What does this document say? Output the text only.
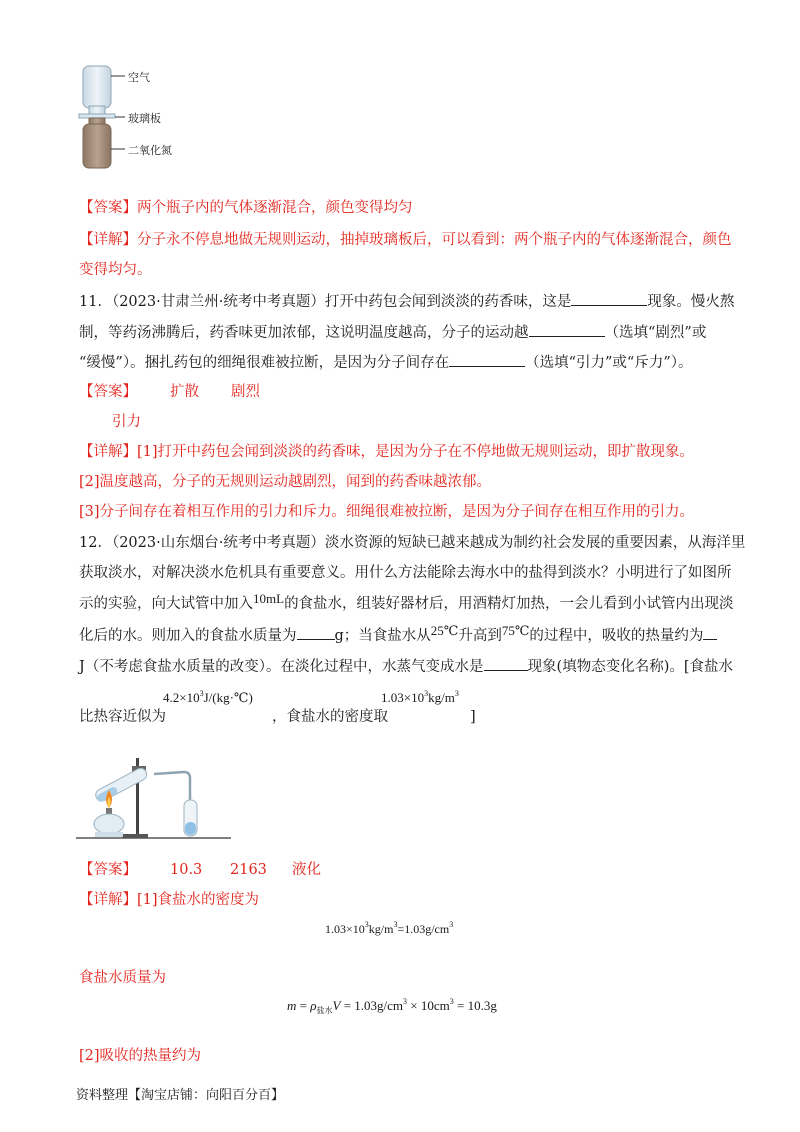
空气
玻璃板
二氧化氮
【答案】两个瓶子内的气体逐渐混合，颜色变得均匀
【详解】分子永不停息地做无规则运动，抽掉玻璃板后，可以看到：两个瓶子内的气体逐渐混合，颜色
变得均匀。
11．（2023·甘肃兰州·统考中考真题）打开中药包会闻到淡淡的药香味，这是	现象。慢火熬
制，等药汤沸腾后，药香味更加浓郁，这说明温度越高，分子的运动越	（选填“剧烈”或
“缓慢”）。捆扎药包的细绳很难被拉断，是因为分子间存在	（选填“引力”或“斥力”）。
【答案】 扩散 剧烈
引力
【详解】[1]打开中药包会闻到淡淡的药香味，是因为分子在不停地做无规则运动，即扩散现象。
[2]温度越高，分子的无规则运动越剧烈，闻到的药香味越浓郁。
[3]分子间存在着相互作用的引力和斥力。细绳很难被拉断，是因为分子间存在相互作用的引力。
12．（2023·山东烟台·统考中考真题）淡水资源的短缺已越来越成为制约社会发展的重要因素，从海洋里
获取淡水，对解决淡水危机具有重要意义。用什么方法能除去海水中的盐得到淡水？小明进行了如图所
示的实验，向大试管中加入10mL的食盐水，组装好器材后，用酒精灯加热，一会儿看到小试管内出现淡
化后的水。则加入的食盐水质量为	g；当食盐水从25℃升高到75℃的过程中，吸收的热量约为
J（不考虑食盐水质量的改变）。在淡化过程中，水蒸气变成水是	现象(填物态变化名称)。[食盐水
比热容近似为
$4.2\times 10^3J/(kg\cdot℃)$
，食盐水的密度取
$1.03\times 10^3kg/m^3$
]
【答案】 10.3 2163 液化
【详解】[1]食盐水的密度为
$1.03\times 10^3kg/m^3=1.03g/cm^3$
食盐水质量为
$m = \rho_{盐水}V = 1.03g/cm^3 \times 10cm^3 = 10.3g$
[2]吸收的热量约为
资料整理【淘宝店铺：向阳百分百】
